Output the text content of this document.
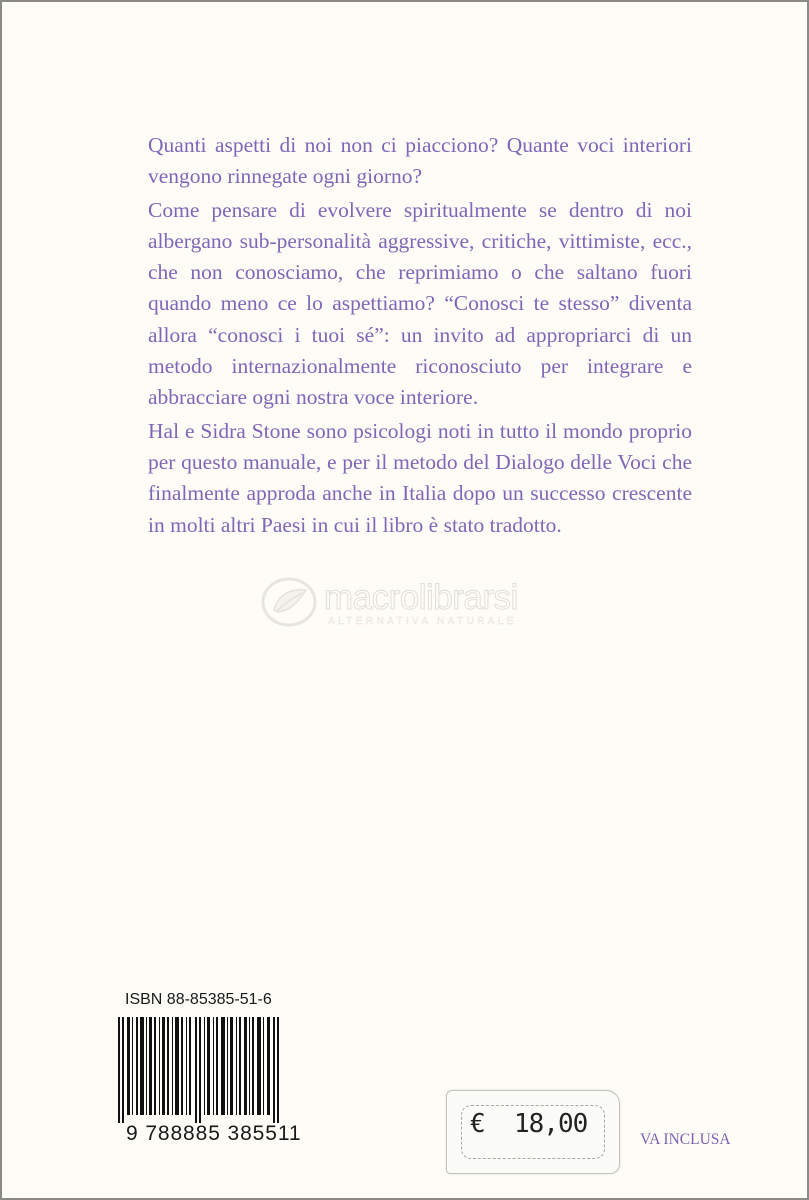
Quanti aspetti di noi non ci piacciono? Quante voci interiori vengono rinnegate ogni giorno?

Come pensare di evolvere spiritualmente se dentro di noi albergano sub-personalità aggressive, critiche, vittimiste, ecc., che non conosciamo, che reprimiamo o che saltano fuori quando meno ce lo aspettiamo? “Conosci te stesso” diventa allora “conosci i tuoi sé”: un invito ad appropriarci di un metodo internazionalmente riconosciuto per integrare e abbracciare ogni nostra voce interiore.

Hal e Sidra Stone sono psicologi noti in tutto il mondo proprio per questo manuale, e per il metodo del Dialogo delle Voci che finalmente approda anche in Italia dopo un successo crescente in molti altri Paesi in cui il libro è stato tradotto.

macrolibrarsi
ALTERNATIVA NATURALE
ISBN 88-85385-51-6
9 788885 385511	VA INCLUSA
€ 18,00
